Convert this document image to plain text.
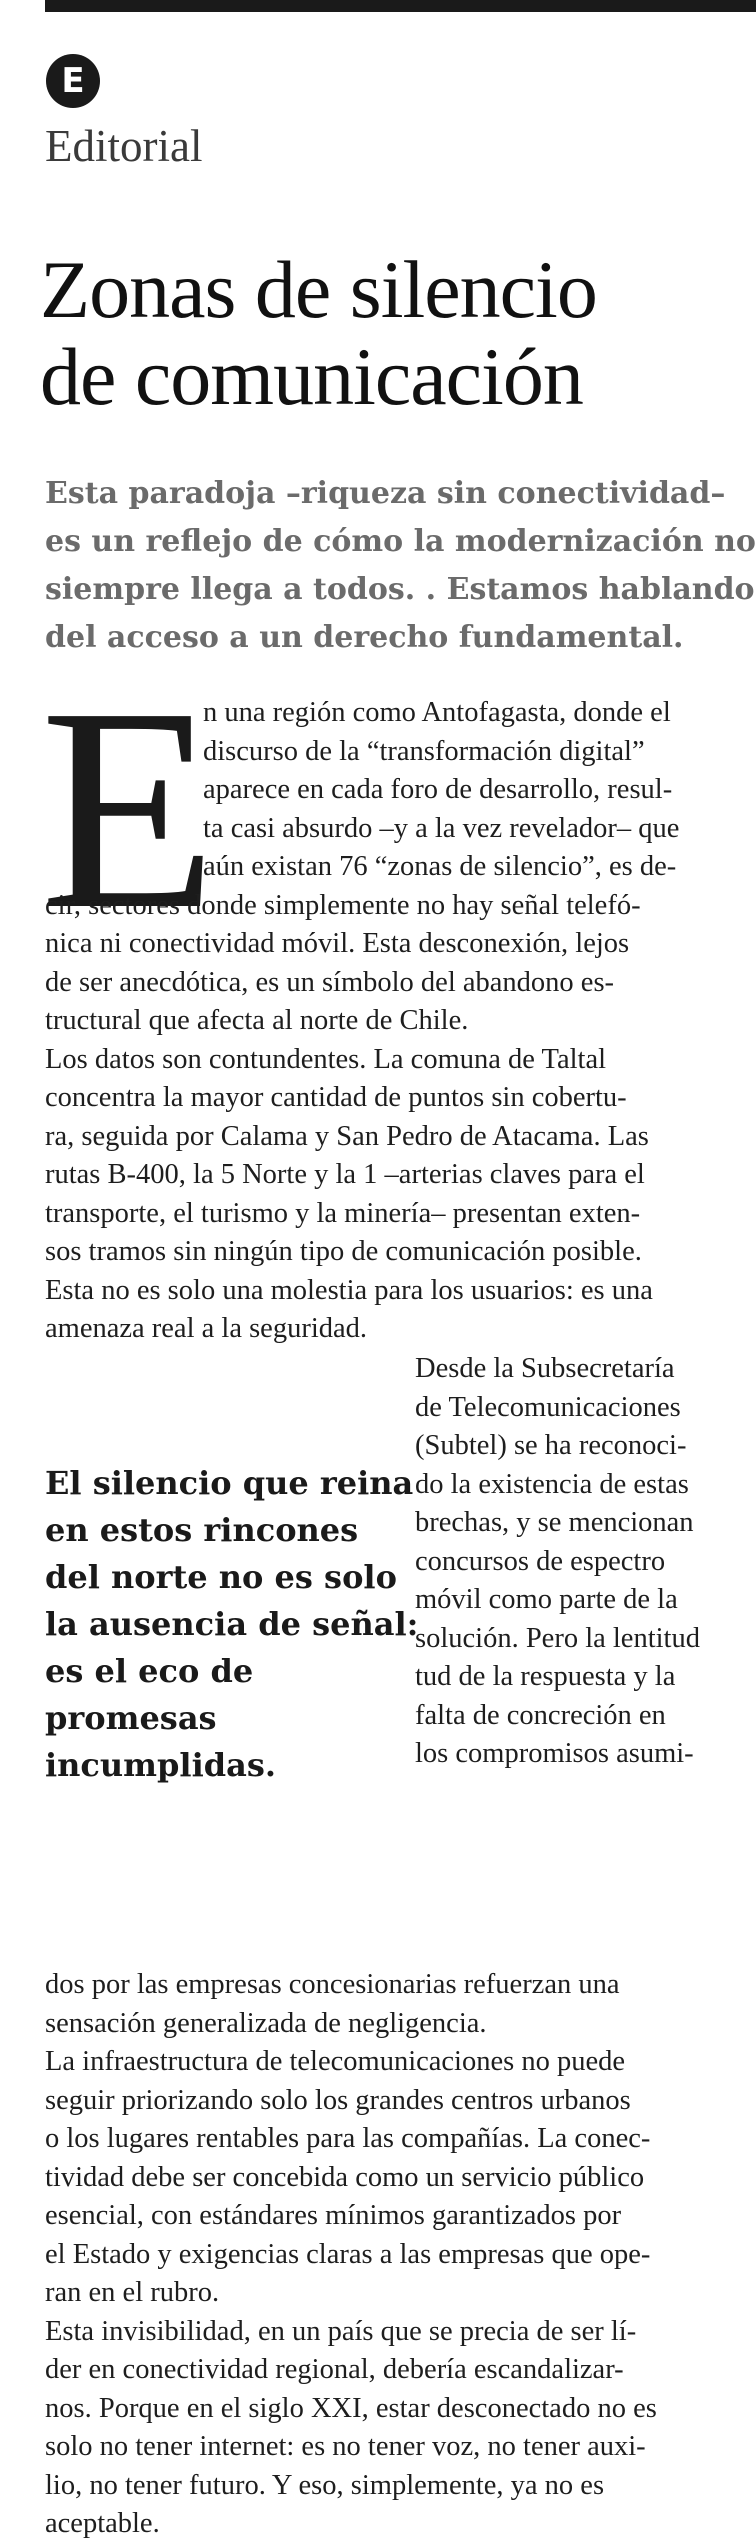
E
Editorial
Zonas de silencio
de comunicación

Esta paradoja –riqueza sin conectividad–
es un reflejo de cómo la modernización no
siempre llega a todos. . Estamos hablando
del acceso a un derecho fundamental.

E
n una región como Antofagasta, donde el
discurso de la “transformación digital”
aparece en cada foro de desarrollo, resul-
ta casi absurdo –y a la vez revelador– que
aún existan 76 “zonas de silencio”, es de-
cir, sectores donde simplemente no hay señal telefó-
nica ni conectividad móvil. Esta desconexión, lejos
de ser anecdótica, es un símbolo del abandono es-
tructural que afecta al norte de Chile.
Los datos son contundentes. La comuna de Taltal
concentra la mayor cantidad de puntos sin cobertu-
ra, seguida por Calama y San Pedro de Atacama. Las
rutas B-400, la 5 Norte y la 1 –arterias claves para el
transporte, el turismo y la minería– presentan exten-
sos tramos sin ningún tipo de comunicación posible.
Esta no es solo una molestia para los usuarios: es una
amenaza real a la seguridad.

El silencio que reina
en estos rincones
del norte no es solo
la ausencia de señal:
es el eco de
promesas
incumplidas.

Desde la Subsecretaría
de Telecomunicaciones
(Subtel) se ha reconoci-
do la existencia de estas
brechas, y se mencionan
concursos de espectro
móvil como parte de la
solución. Pero la lentitud
tud de la respuesta y la
falta de concreción en
los compromisos asumi-
dos por las empresas concesionarias refuerzan una
sensación generalizada de negligencia.
La infraestructura de telecomunicaciones no puede
seguir priorizando solo los grandes centros urbanos
o los lugares rentables para las compañías. La conec-
tividad debe ser concebida como un servicio público
esencial, con estándares mínimos garantizados por
el Estado y exigencias claras a las empresas que ope-
ran en el rubro.
Esta invisibilidad, en un país que se precia de ser lí-
der en conectividad regional, debería escandalizar-
nos. Porque en el siglo XXI, estar desconectado no es
solo no tener internet: es no tener voz, no tener auxi-
lio, no tener futuro. Y eso, simplemente, ya no es
aceptable.
